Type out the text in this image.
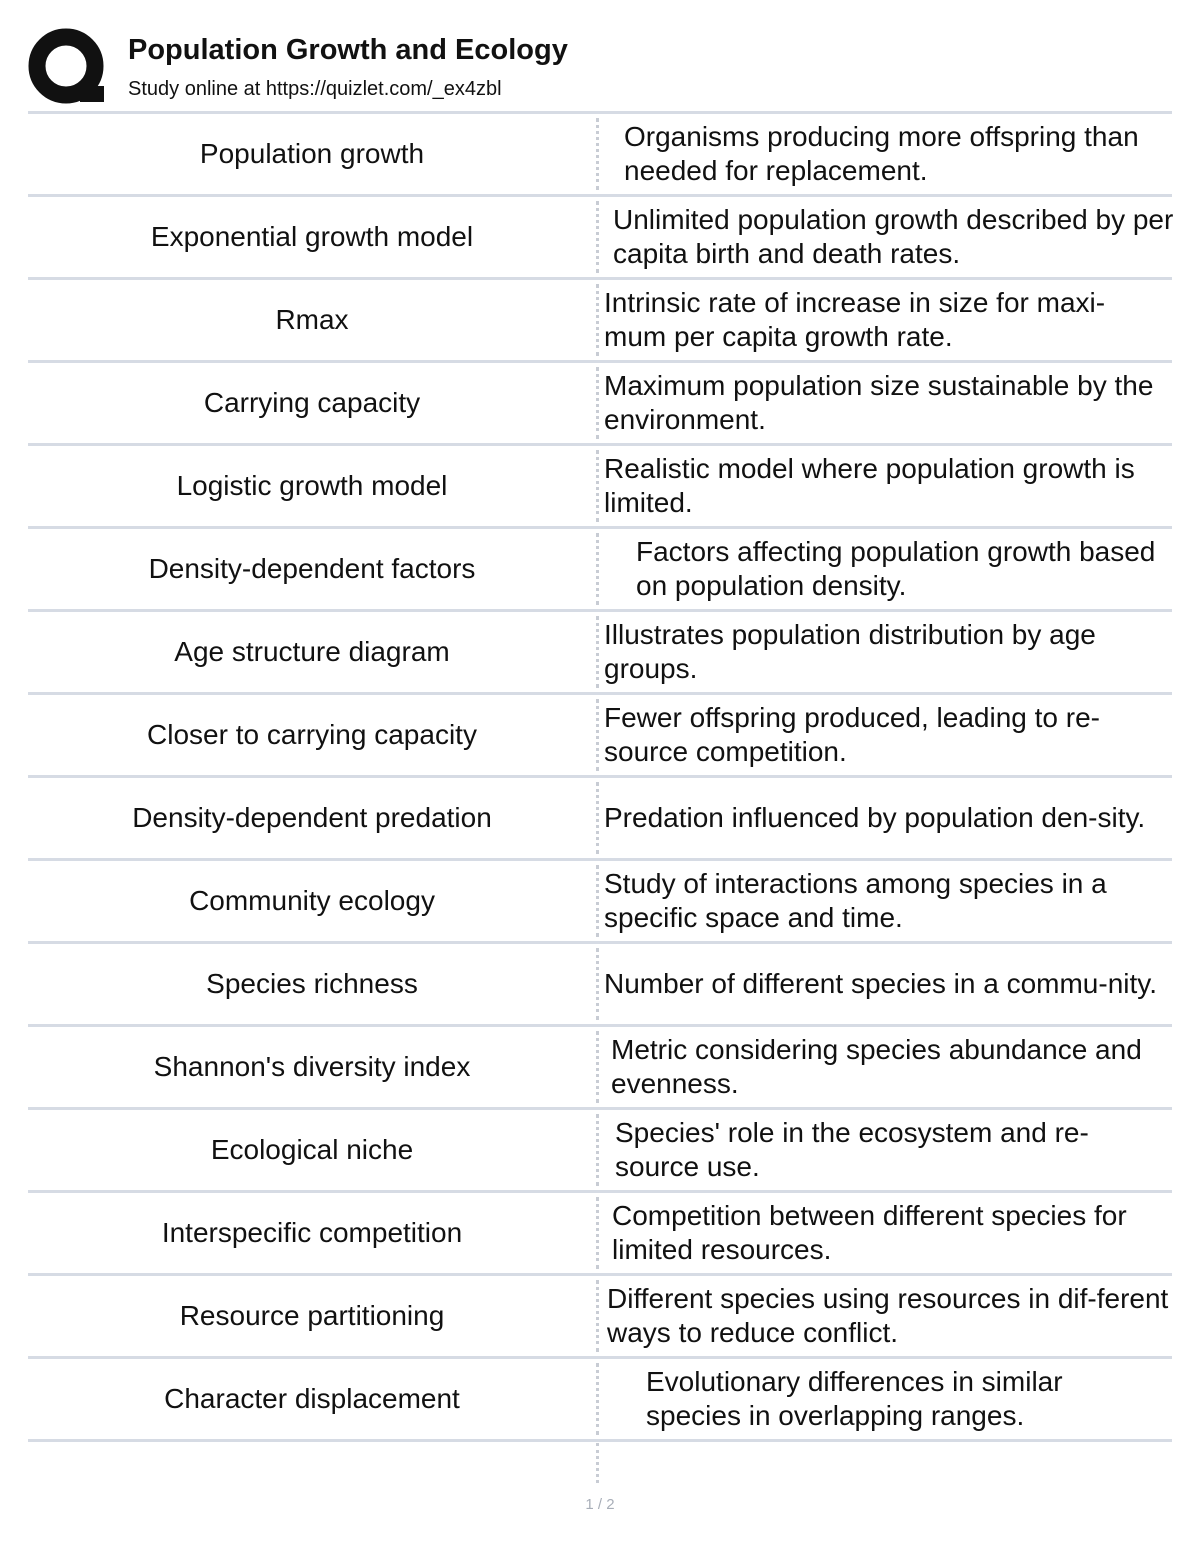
Population Growth and Ecology
Study online at https://quizlet.com/_ex4zbl
Population growth
Organisms producing more offspring than needed for replacement.
Exponential growth model
Unlimited population growth described by per capita birth and death rates.
Rmax
Intrinsic rate of increase in size for maxi-mum per capita growth rate.
Carrying capacity
Maximum population size sustainable by the environment.
Logistic growth model
Realistic model where population growth is limited.
Density-dependent factors
Factors affecting population growth based on population density.
Age structure diagram
Illustrates population distribution by age groups.
Closer to carrying capacity
Fewer offspring produced, leading to re-source competition.
Density-dependent predation	Predation influenced by population den-sity.
Community ecology
Study of interactions among species in a specific space and time.
Species richness	Number of different species in a commu-nity.
Shannon's diversity index
Metric considering species abundance and evenness.
Ecological niche
Species' role in the ecosystem and re-source use.
Interspecific competition
Competition between different species for limited resources.
Resource partitioning
Different species using resources in dif-ferent ways to reduce conflict.
Character displacement
Evolutionary differences in similar species in overlapping ranges.
1 / 2
